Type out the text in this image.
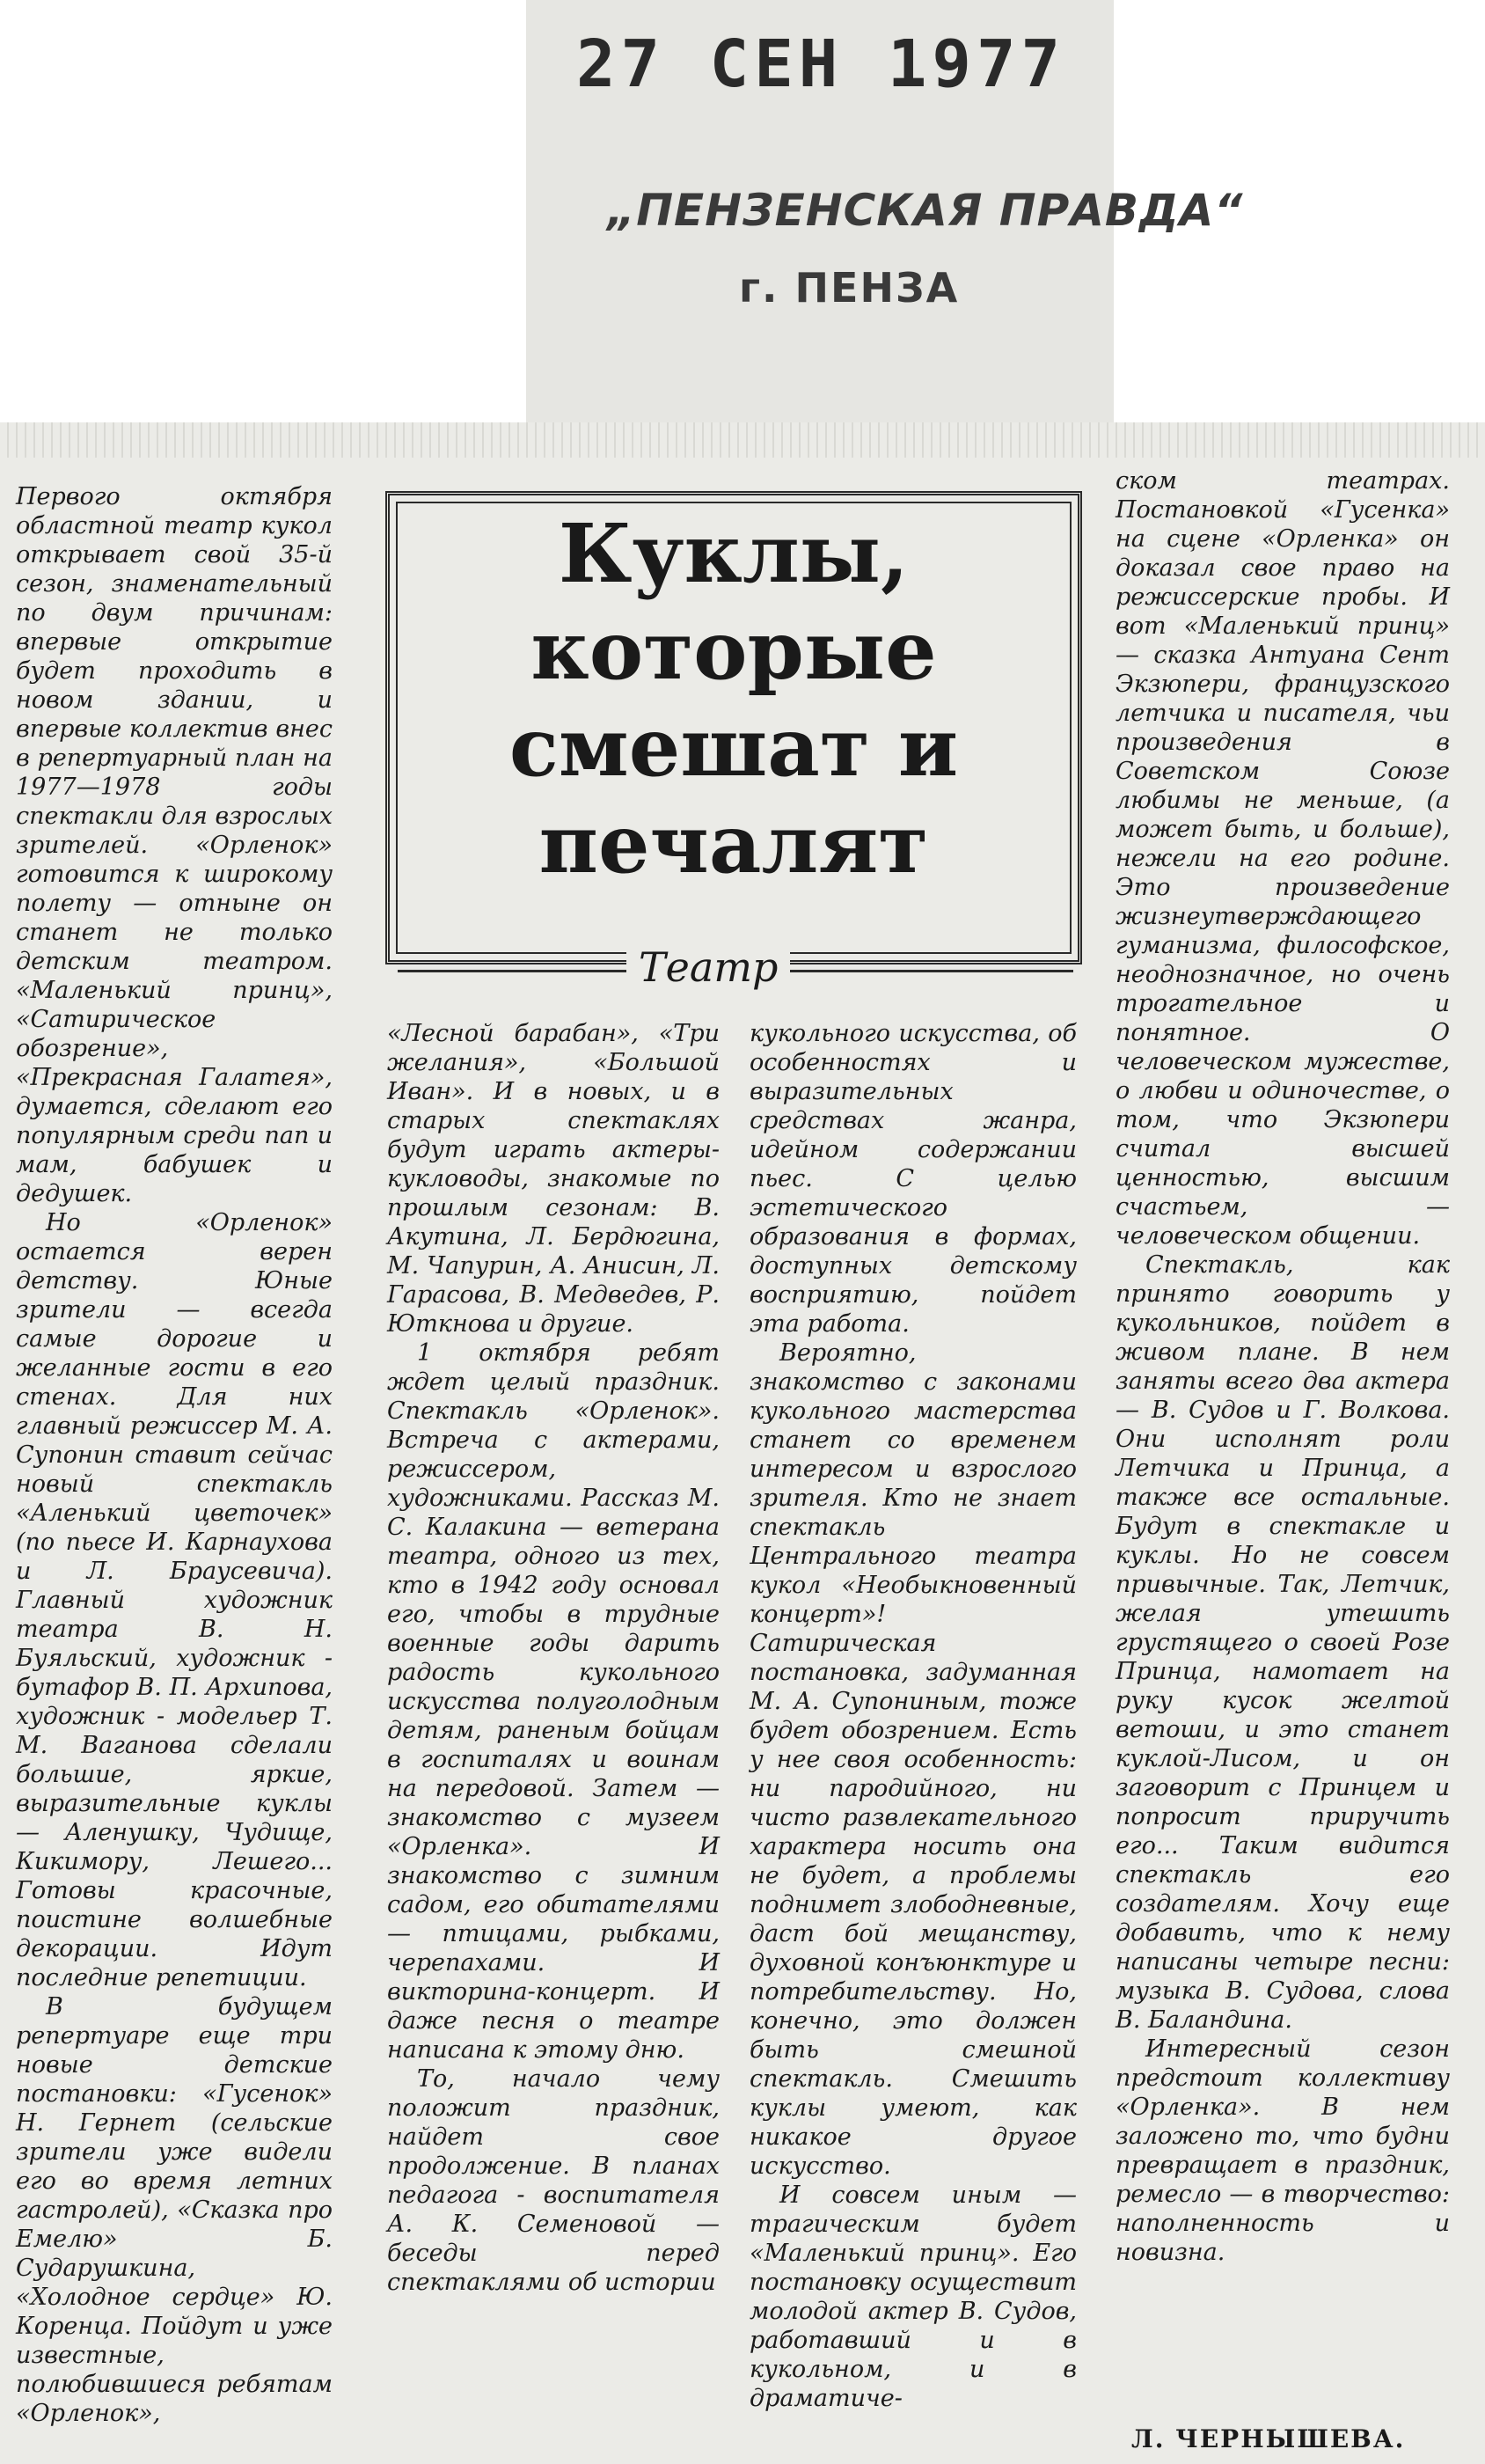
27 СЕН 1977
„ПЕНЗЕНСКАЯ ПРАВДА“
г. ПЕНЗА

Первого октября областной театр кукол открывает свой 35-й сезон, знаменательный по двум причинам: впервые открытие будет проходить в новом здании, и впервые коллектив внес в репертуарный план на 1977—1978 годы спектакли для взрослых зрителей. «Орленок» готовится к широкому полету — отныне он станет не только детским театром. «Маленький принц», «Сатирическое обозрение», «Прекрасная Галатея», думается, сделают его популярным среди пап и мам, бабушек и дедушек.

Но «Орленок» остается верен детству. Юные зрители — всегда самые дорогие и желанные гости в его стенах. Для них главный режиссер М. А. Супонин ставит сейчас новый спектакль «Аленький цветочек» (по пьесе И. Карнаухова и Л. Браусевича). Главный художник театра В. Н. Буяльский, художник - бутафор В. П. Архипова, художник - модельер Т. М. Ваганова сделали большие, яркие, выразительные куклы — Аленушку, Чудище, Кикимору, Лешего... Готовы красочные, поистине волшебные декорации. Идут последние репетиции.

В будущем репертуаре еще три новые детские постановки: «Гусенок» Н. Гернет (сельские зрители уже видели его во время летних гастролей), «Сказка про Емелю» Б. Сударушкина, «Холодное сердце» Ю. Коренца. Пойдут и уже известные, полюбившиеся ребятам «Орленок»,

Куклы, которые смешат и печалят
Театр

«Лесной барабан», «Три желания», «Большой Иван». И в новых, и в старых спектаклях будут играть актеры-кукловоды, знакомые по прошлым сезонам: В. Акутина, Л. Бердюгина, М. Чапурин, А. Анисин, Л. Гарасова, В. Медведев, Р. Юткнова и другие.

1 октября ребят ждет целый праздник. Спектакль «Орленок». Встреча с актерами, режиссером, художниками. Рассказ М. С. Калакина — ветерана театра, одного из тех, кто в 1942 году основал его, чтобы в трудные военные годы дарить радость кукольного искусства полуголодным детям, раненым бойцам в госпиталях и воинам на передовой. Затем — знакомство с музеем «Орленка». И знакомство с зимним садом, его обитателями — птицами, рыбками, черепахами. И викторина-концерт. И даже песня о театре написана к этому дню.

То, начало чему положит праздник, найдет свое продолжение. В планах педагога - воспитателя А. К. Семеновой — беседы перед спектаклями об истории

кукольного искусства, об особенностях и выразительных средствах жанра, идейном содержании пьес. С целью эстетического образования в формах, доступных детскому восприятию, пойдет эта работа.

Вероятно, знакомство с законами кукольного мастерства станет со временем интересом и взрослого зрителя. Кто не знает спектакль Центрального театра кукол «Необыкновенный концерт»! Сатирическая постановка, задуманная М. А. Супониным, тоже будет обозрением. Есть у нее своя особенность: ни пародийного, ни чисто развлекательного характера носить она не будет, а проблемы поднимет злободневные, даст бой мещанству, духовной конъюнктуре и потребительству. Но, конечно, это должен быть смешной спектакль. Смешить куклы умеют, как никакое другое искусство.

И совсем иным — трагическим будет «Маленький принц». Его постановку осуществит молодой актер В. Судов, работавший и в кукольном, и в драматиче-

ском театрах. Постановкой «Гусенка» на сцене «Орленка» он доказал свое право на режиссерские пробы. И вот «Маленький принц» — сказка Антуана Сент Экзюпери, французского летчика и писателя, чьи произведения в Советском Союзе любимы не меньше, (а может быть, и больше), нежели на его родине. Это произведение жизнеутверждающего гуманизма, философское, неоднозначное, но очень трогательное и понятное. О человеческом мужестве, о любви и одиночестве, о том, что Экзюпери считал высшей ценностью, высшим счастьем, — человеческом общении.

Спектакль, как принято говорить у кукольников, пойдет в живом плане. В нем заняты всего два актера — В. Судов и Г. Волкова. Они исполнят роли Летчика и Принца, а также все остальные. Будут в спектакле и куклы. Но не совсем привычные. Так, Летчик, желая утешить грустящего о своей Розе Принца, намотает на руку кусок желтой ветоши, и это станет куклой-Лисом, и он заговорит с Принцем и попросит приручить его... Таким видится спектакль его создателям. Хочу еще добавить, что к нему написаны четыре песни: музыка В. Судова, слова В. Баландина.

Интересный сезон предстоит коллективу «Орленка». В нем заложено то, что будни превращает в праздник, ремесло — в творчество: наполненность и новизна.

Л. ЧЕРНЫШЕВА.
